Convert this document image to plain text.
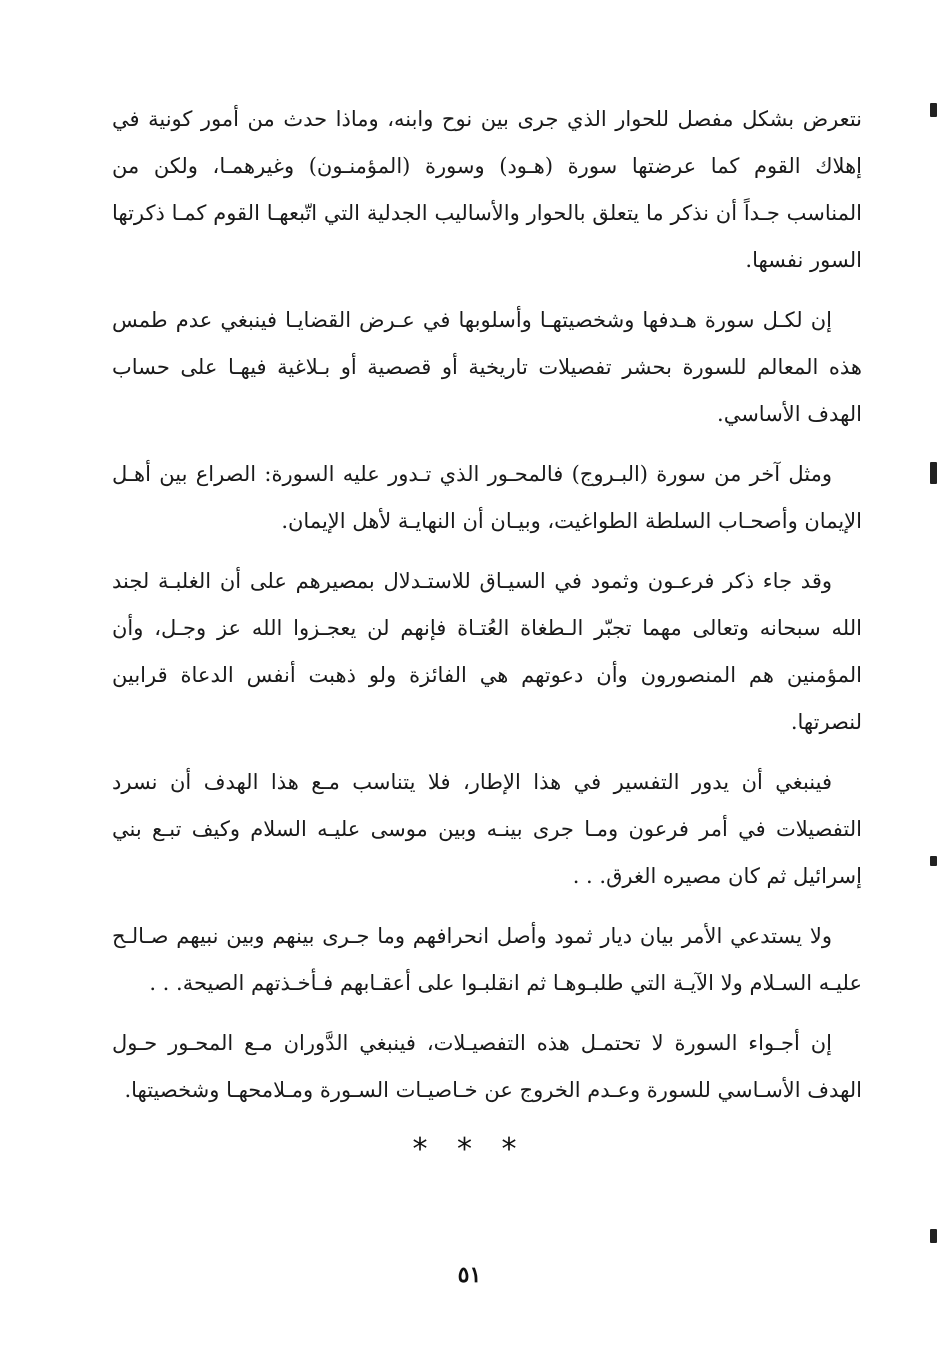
نتعرض بشكل مفصل للحوار الذي جرى بين نوح وابنه، وماذا حدث من أمور كونية في إهلاك القوم كما عرضتها سورة (هـود) وسورة (المؤمنـون) وغيرهمـا، ولكن من المناسب جـداً أن نذكر ما يتعلق بالحوار والأساليب الجدلية التي اتّبعهـا القوم كمـا ذكرتها السور نفسها.

إن لكـل سورة هـدفها وشخصيتهـا وأسلوبها في عـرض القضايـا فينبغي عدم طمس هذه المعالم للسورة بحشر تفصيلات تاريخية أو قصصية أو بـلاغية فيهـا على حساب الهدف الأساسي.

ومثل آخر من سورة (البـروج) فالمحـور الذي تـدور عليه السورة: الصراع بين أهـل الإيمان وأصحـاب السلطة الطواغيت، وبيـان أن النهايـة لأهل الإيمان.

وقد جاء ذكر فرعـون وثمود في السيـاق للاستـدلال بمصيرهم على أن الغلبـة لجند الله سبحانه وتعالى مهما تجبّر الـطغاة العُتـاة فإنهم لن يعجـزوا الله عز وجـل، وأن المؤمنين هم المنصورون وأن دعوتهم هي الفائزة ولو ذهبت أنفس الدعاة قرابين لنصرتها.

فينبغي أن يدور التفسير في هذا الإطار، فلا يتناسب مـع هذا الهدف أن نسرد التفصيلات في أمر فرعون ومـا جرى بينـه وبين موسى عليـه السلام وكيف تبـع بني إسرائيل ثم كان مصيره الغرق. . .

ولا يستدعي الأمر بيان ديار ثمود وأصل انحرافهم وما جـرى بينهم وبين نبيهم صـالـح عليـه السـلام ولا الآيـة التي طلبـوهـا ثم انقلبـوا على أعقـابهم فـأخـذتهم الصيحة. . .

إن أجـواء السورة لا تحتمـل هذه التفصيـلات، فينبغي الدَّوران مـع المحـور حـول الهدف الأسـاسي للسورة وعـدم الخروج عن خـاصيـات السـورة ومـلامحهـا وشخصيتها.

* * *
٥١
